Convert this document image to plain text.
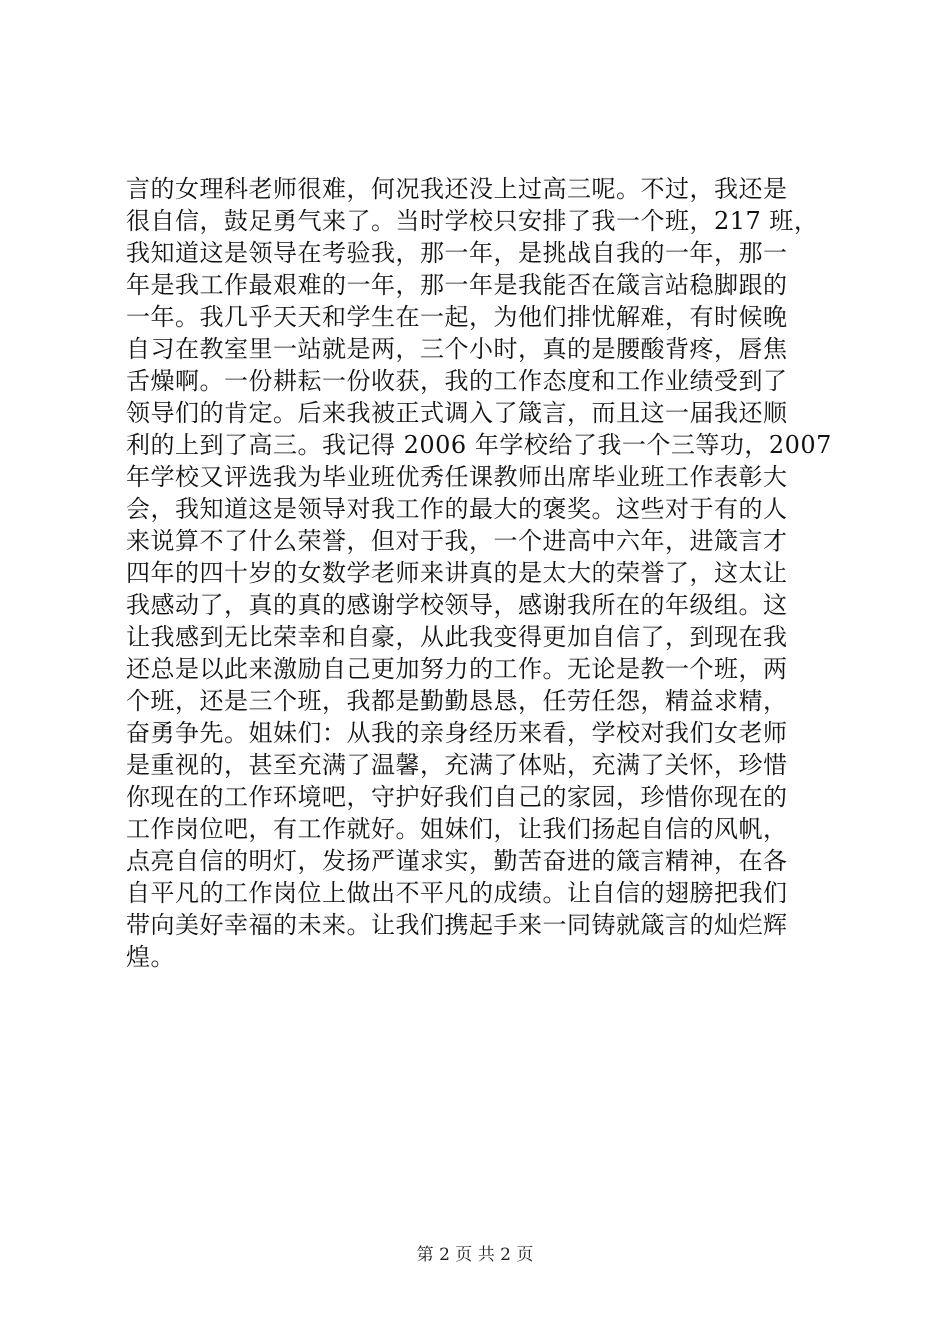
言的女理科老师很难，何况我还没上过高三呢。不过，我还是
很自信，鼓足勇气来了。当时学校只安排了我一个班，217 班，
我知道这是领导在考验我，那一年，是挑战自我的一年，那一
年是我工作最艰难的一年，那一年是我能否在箴言站稳脚跟的
一年。我几乎天天和学生在一起，为他们排忧解难，有时候晚
自习在教室里一站就是两，三个小时，真的是腰酸背疼，唇焦
舌燥啊。一份耕耘一份收获，我的工作态度和工作业绩受到了
领导们的肯定。后来我被正式调入了箴言，而且这一届我还顺
利的上到了高三。我记得 2006 年学校给了我一个三等功，2007
年学校又评选我为毕业班优秀任课教师出席毕业班工作表彰大
会，我知道这是领导对我工作的最大的褒奖。这些对于有的人
来说算不了什么荣誉，但对于我，一个进高中六年，进箴言才
四年的四十岁的女数学老师来讲真的是太大的荣誉了，这太让
我感动了，真的真的感谢学校领导，感谢我所在的年级组。这
让我感到无比荣幸和自豪，从此我变得更加自信了，到现在我
还总是以此来激励自己更加努力的工作。无论是教一个班，两
个班，还是三个班，我都是勤勤恳恳，任劳任怨，精益求精，
奋勇争先。姐妹们：从我的亲身经历来看，学校对我们女老师
是重视的，甚至充满了温馨，充满了体贴，充满了关怀，珍惜
你现在的工作环境吧，守护好我们自己的家园，珍惜你现在的
工作岗位吧，有工作就好。姐妹们，让我们扬起自信的风帆，
点亮自信的明灯，发扬严谨求实，勤苦奋进的箴言精神，在各
自平凡的工作岗位上做出不平凡的成绩。让自信的翅膀把我们
带向美好幸福的未来。让我们携起手来一同铸就箴言的灿烂辉
煌。
第 2 页 共 2 页
